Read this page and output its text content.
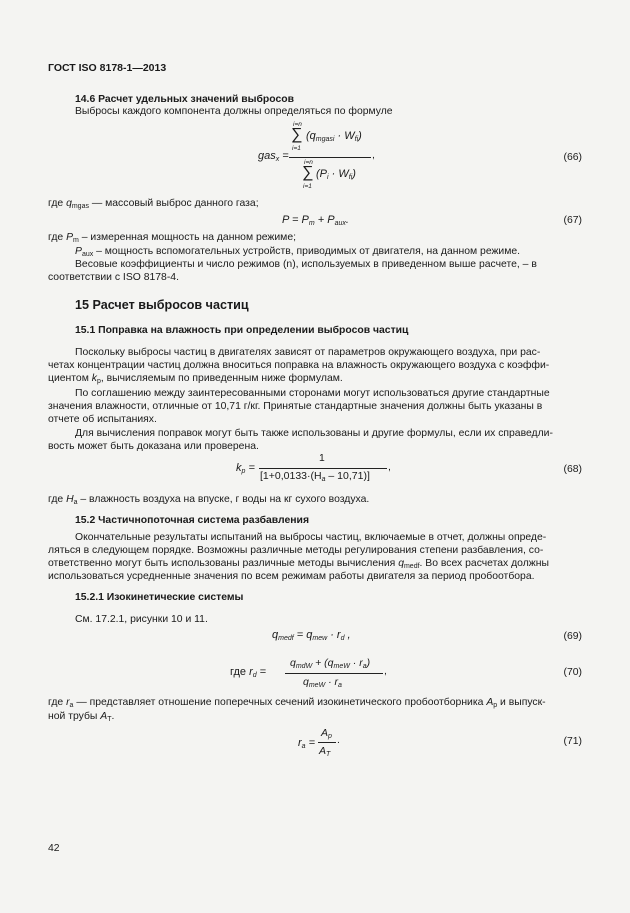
ГОСТ ISO 8178-1—2013
14.6 Расчет удельных значений выбросов
Выбросы каждого компонента должны определяться по формуле
gas$_x$ =
i=n
∑
i=1
$(q_{mgasi} \cdot W_{fi})$
,
i=n
∑
i=1
$(P_i \cdot W_{fi})$
(66)
где $q_{mgas}$ — массовый выброс данного газа;
$P = P_m + P_{aux}$.	(67)
где $P_m$ – измеренная мощность на данном режиме;
$P_{aux}$ – мощность вспомогательных устройств, приводимых от двигателя, на данном режиме.
Весовые коэффициенты и число режимов (n), используемых в приведенном выше расчете, – в
соответствии с ISO 8178-4.
15 Расчет выбросов частиц
15.1 Поправка на влажность при определении выбросов частиц
Поскольку выбросы частиц в двигателях зависят от параметров окружающего воздуха, при рас-
четах концентрации частиц должна вноситься поправка на влажность окружающего воздуха с коэффи-
циентом $k_p$, вычисляемым по приведенным ниже формулам.
По соглашению между заинтересованными сторонами могут использоваться другие стандартные
значения влажности, отличные от 10,71 г/кг. Принятые стандартные значения должны быть указаны в
отчете об испытаниях.
Для вычисления поправок могут быть также использованы и другие формулы, если их справедли-
вость может быть доказана или проверена.
$k_p$ =
1
,
$[1+0,0133\cdot(H_a - 10,71)]$
(68)
где $H_a$ – влажность воздуха на впуске, г воды на кг сухого воздуха.
15.2 Частичнопоточная система разбавления
Окончательные результаты испытаний на выбросы частиц, включаемые в отчет, должны опреде-
ляться в следующем порядке. Возможны различные методы регулирования степени разбавления, со-
ответственно могут быть использованы различные методы вычисления $q_{medf}$. Во всех расчетах должны
использоваться усредненные значения по всем режимам работы двигателя за период пробоотбора.
15.2.1 Изокинетические системы
См. 17.2.1, рисунки 10 и 11.
$q_{medf} = q_{mew} \cdot r_d$ ,	(69)
где $r_d$ =
$q_{mdW} + (q_{meW} \cdot r_a)$
,
$q_{meW} \cdot r_a$
(70)
где $r_a$ — представляет отношение поперечных сечений изокинетического пробоотборника $A_p$ и выпуск-
ной трубы $A_T$.
$r_a$ =
$A_p$ .
$A_T$
(71)
42
